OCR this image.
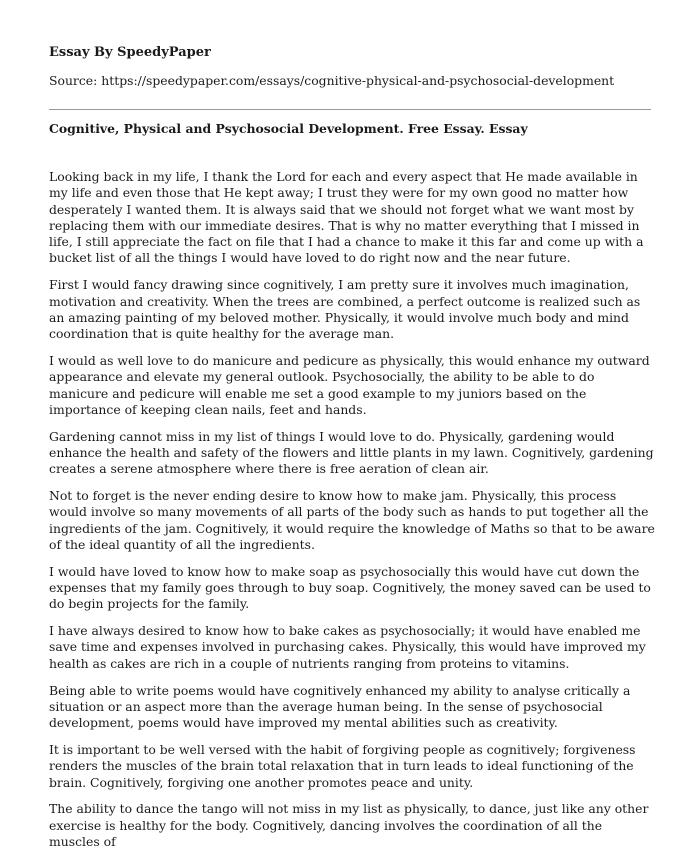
Essay By SpeedyPaper
Source: https://speedypaper.com/essays/cognitive-physical-and-psychosocial-development
Cognitive, Physical and Psychosocial Development. Free Essay. Essay

Looking back in my life, I thank the Lord for each and every aspect that He made available in my life and even those that He kept away; I trust they were for my own good no matter how desperately I wanted them. It is always said that we should not forget what we want most by replacing them with our immediate desires. That is why no matter everything that I missed in life, I still appreciate the fact on file that I had a chance to make it this far and come up with a bucket list of all the things I would have loved to do right now and the near future.

First I would fancy drawing since cognitively, I am pretty sure it involves much imagination, motivation and creativity. When the trees are combined, a perfect outcome is realized such as an amazing painting of my beloved mother. Physically, it would involve much body and mind coordination that is quite healthy for the average man.

I would as well love to do manicure and pedicure as physically, this would enhance my outward appearance and elevate my general outlook. Psychosocially, the ability to be able to do manicure and pedicure will enable me set a good example to my juniors based on the importance of keeping clean nails, feet and hands.

Gardening cannot miss in my list of things I would love to do. Physically, gardening would enhance the health and safety of the flowers and little plants in my lawn. Cognitively, gardening creates a serene atmosphere where there is free aeration of clean air.

Not to forget is the never ending desire to know how to make jam. Physically, this process would involve so many movements of all parts of the body such as hands to put together all the ingredients of the jam. Cognitively, it would require the knowledge of Maths so that to be aware of the ideal quantity of all the ingredients.

I would have loved to know how to make soap as psychosocially this would have cut down the expenses that my family goes through to buy soap. Cognitively, the money saved can be used to do begin projects for the family.

I have always desired to know how to bake cakes as psychosocially; it would have enabled me save time and expenses involved in purchasing cakes. Physically, this would have improved my health as cakes are rich in a couple of nutrients ranging from proteins to vitamins.

Being able to write poems would have cognitively enhanced my ability to analyse critically a situation or an aspect more than the average human being. In the sense of psychosocial development, poems would have improved my mental abilities such as creativity.

It is important to be well versed with the habit of forgiving people as cognitively; forgiveness renders the muscles of the brain total relaxation that in turn leads to ideal functioning of the brain. Cognitively, forgiving one another promotes peace and unity.

The ability to dance the tango will not miss in my list as physically, to dance, just like any other exercise is healthy for the body. Cognitively, dancing involves the coordination of all the muscles of
